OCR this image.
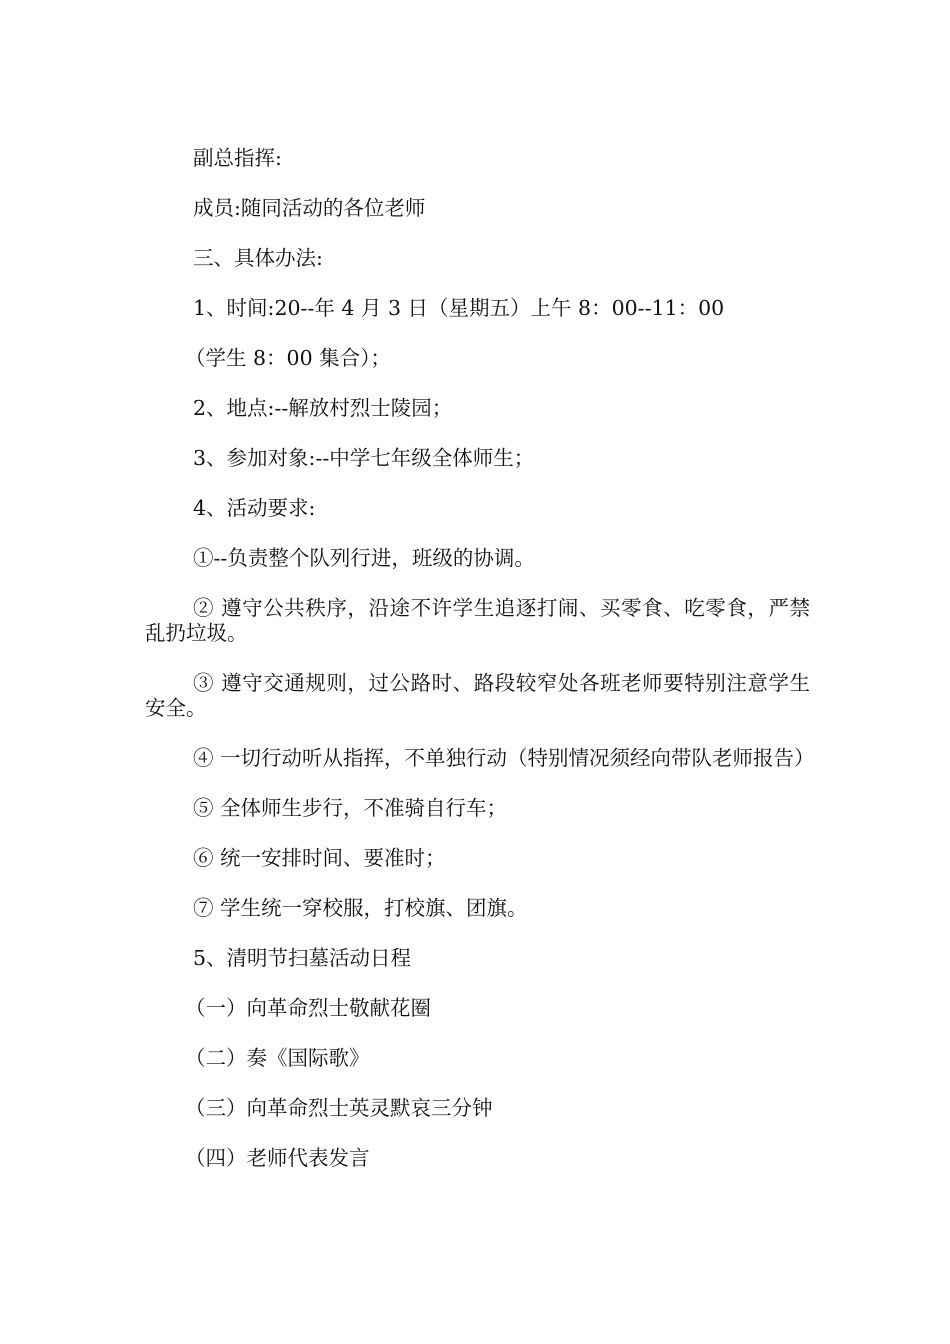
副总指挥:

成员:随同活动的各位老师

三、具体办法:

1、时间:20--年 4 月 3 日（星期五）上午 8：00--11：00

（学生 8：00 集合）；

2、地点:--解放村烈士陵园；

3、参加对象:--中学七年级全体师生；

4、活动要求:

①--负责整个队列行进，班级的协调。

② 遵守公共秩序，沿途不许学生追逐打闹、买零食、吃零食，严禁乱扔垃圾。

③ 遵守交通规则，过公路时、路段较窄处各班老师要特别注意学生安全。

④ 一切行动听从指挥，不单独行动（特别情况须经向带队老师报告）

⑤ 全体师生步行，不准骑自行车；

⑥ 统一安排时间、要准时；

⑦ 学生统一穿校服，打校旗、团旗。

5、清明节扫墓活动日程

（一）向革命烈士敬献花圈

（二）奏《国际歌》

（三）向革命烈士英灵默哀三分钟

（四）老师代表发言
